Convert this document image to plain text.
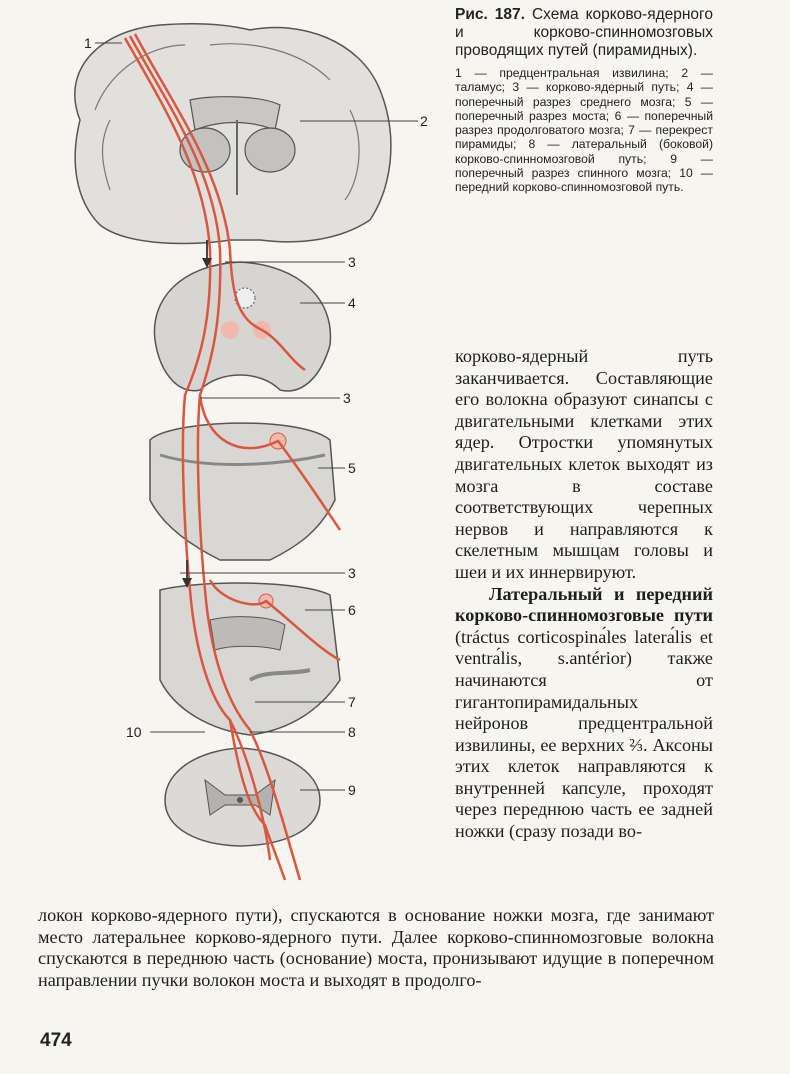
1
2
3
4
3
5
3
6
7
10	8
9

Рис. 187. Схема корково-ядерного и корково-спинномозговых проводящих путей (пирамидных).

1 — предцентральная извилина; 2 — таламус; 3 — корково-ядерный путь; 4 — поперечный разрез среднего мозга; 5 — поперечный разрез моста; 6 — поперечный разрез продолговатого мозга; 7 — перекрест пирамиды; 8 — латеральный (боковой) корково-спинномозговой путь; 9 — поперечный разрез спинного мозга; 10 — передний корково-спинномозговой путь.

корково-ядерный путь заканчивается. Составляющие его волокна образуют синапсы с двигательными клетками этих ядер. Отростки упомянутых двигательных клеток выходят из мозга в составе соответствующих черепных нервов и направляются к скелетным мышцам головы и шеи и их иннервируют.

Латеральный и передний корково-спинномозговые пути (tráctus corticospinа́les laterа́lis et ventrа́lis, s.antérior) также начинаются от гигантопирамидальных нейронов предцентральной извилины, ее верхних ⅔. Аксоны этих клеток направляются к внутренней капсуле, проходят через переднюю часть ее задней ножки (сразу позади во-

локон корково-ядерного пути), спускаются в основание ножки мозга, где занимают место латеральнее корково-ядерного пути. Далее корково-спинномозговые волокна спускаются в переднюю часть (основание) моста, пронизывают идущие в поперечном направлении пучки волокон моста и выходят в продолго-

474
